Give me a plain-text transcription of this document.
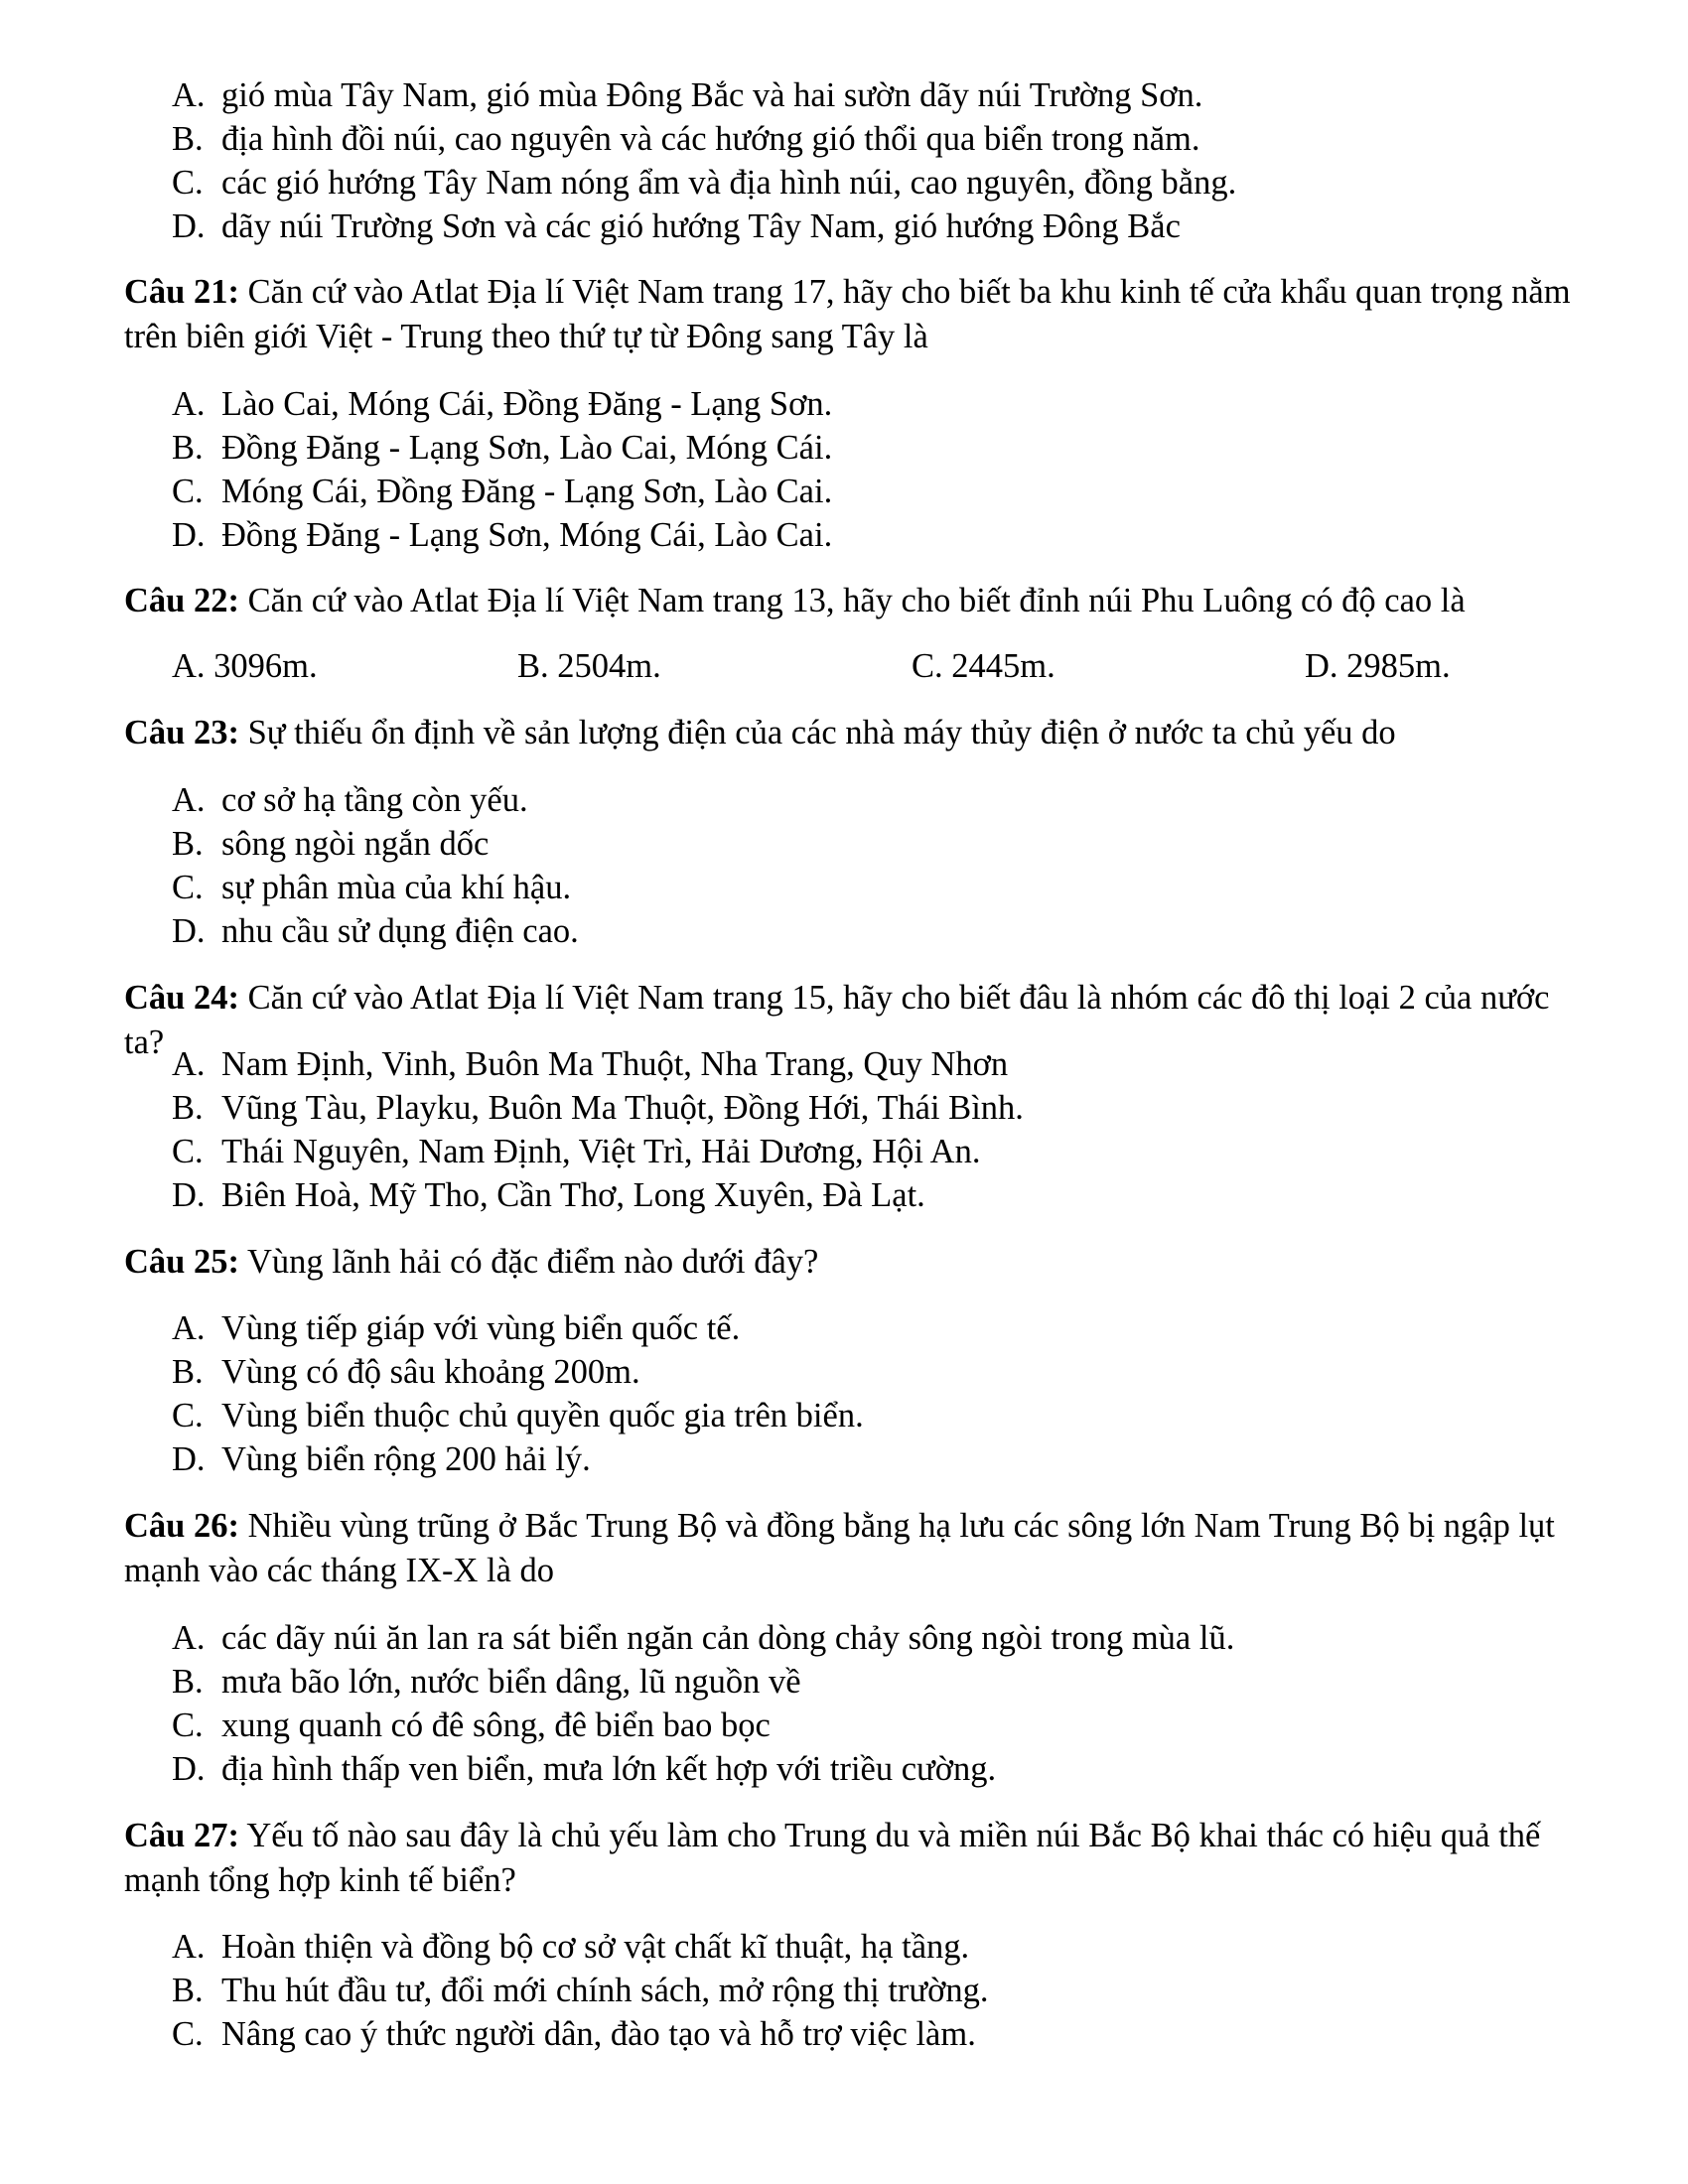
A. gió mùa Tây Nam, gió mùa Đông Bắc và hai sườn dãy núi Trường Sơn.
B. địa hình đồi núi, cao nguyên và các hướng gió thổi qua biển trong năm.
C. các gió hướng Tây Nam nóng ẩm và địa hình núi, cao nguyên, đồng bằng.
D. dãy núi Trường Sơn và các gió hướng Tây Nam, gió hướng Đông Bắc

Câu 21: Căn cứ vào Atlat Địa lí Việt Nam trang 17, hãy cho biết ba khu kinh tế cửa khẩu quan trọng nằm trên biên giới Việt - Trung theo thứ tự từ Đông sang Tây là

A. Lào Cai, Móng Cái, Đồng Đăng - Lạng Sơn.
B. Đồng Đăng - Lạng Sơn, Lào Cai, Móng Cái.
C. Móng Cái, Đồng Đăng - Lạng Sơn, Lào Cai.
D. Đồng Đăng - Lạng Sơn, Móng Cái, Lào Cai.

Câu 22: Căn cứ vào Atlat Địa lí Việt Nam trang 13, hãy cho biết đỉnh núi Phu Luông có độ cao là

A. 3096m.	B. 2504m.	C. 2445m.	D. 2985m.

Câu 23: Sự thiếu ổn định về sản lượng điện của các nhà máy thủy điện ở nước ta chủ yếu do

A. cơ sở hạ tầng còn yếu.
B. sông ngòi ngắn dốc
C. sự phân mùa của khí hậu.
D. nhu cầu sử dụng điện cao.

Câu 24: Căn cứ vào Atlat Địa lí Việt Nam trang 15, hãy cho biết đâu là nhóm các đô thị loại 2 của nước ta?

A. Nam Định, Vinh, Buôn Ma Thuột, Nha Trang, Quy Nhơn
B. Vũng Tàu, Playku, Buôn Ma Thuột, Đồng Hới, Thái Bình.
C. Thái Nguyên, Nam Định, Việt Trì, Hải Dương, Hội An.
D. Biên Hoà, Mỹ Tho, Cần Thơ, Long Xuyên, Đà Lạt.

Câu 25: Vùng lãnh hải có đặc điểm nào dưới đây?

A. Vùng tiếp giáp với vùng biển quốc tế.
B. Vùng có độ sâu khoảng 200m.
C. Vùng biển thuộc chủ quyền quốc gia trên biển.
D. Vùng biển rộng 200 hải lý.

Câu 26: Nhiều vùng trũng ở Bắc Trung Bộ và đồng bằng hạ lưu các sông lớn Nam Trung Bộ bị ngập lụt mạnh vào các tháng IX-X là do

A. các dãy núi ăn lan ra sát biển ngăn cản dòng chảy sông ngòi trong mùa lũ.
B. mưa bão lớn, nước biển dâng, lũ nguồn về
C. xung quanh có đê sông, đê biển bao bọc
D. địa hình thấp ven biển, mưa lớn kết hợp với triều cường.

Câu 27: Yếu tố nào sau đây là chủ yếu làm cho Trung du và miền núi Bắc Bộ khai thác có hiệu quả thế mạnh tổng hợp kinh tế biển?

A. Hoàn thiện và đồng bộ cơ sở vật chất kĩ thuật, hạ tầng.
B. Thu hút đầu tư, đổi mới chính sách, mở rộng thị trường.
C. Nâng cao ý thức người dân, đào tạo và hỗ trợ việc làm.
